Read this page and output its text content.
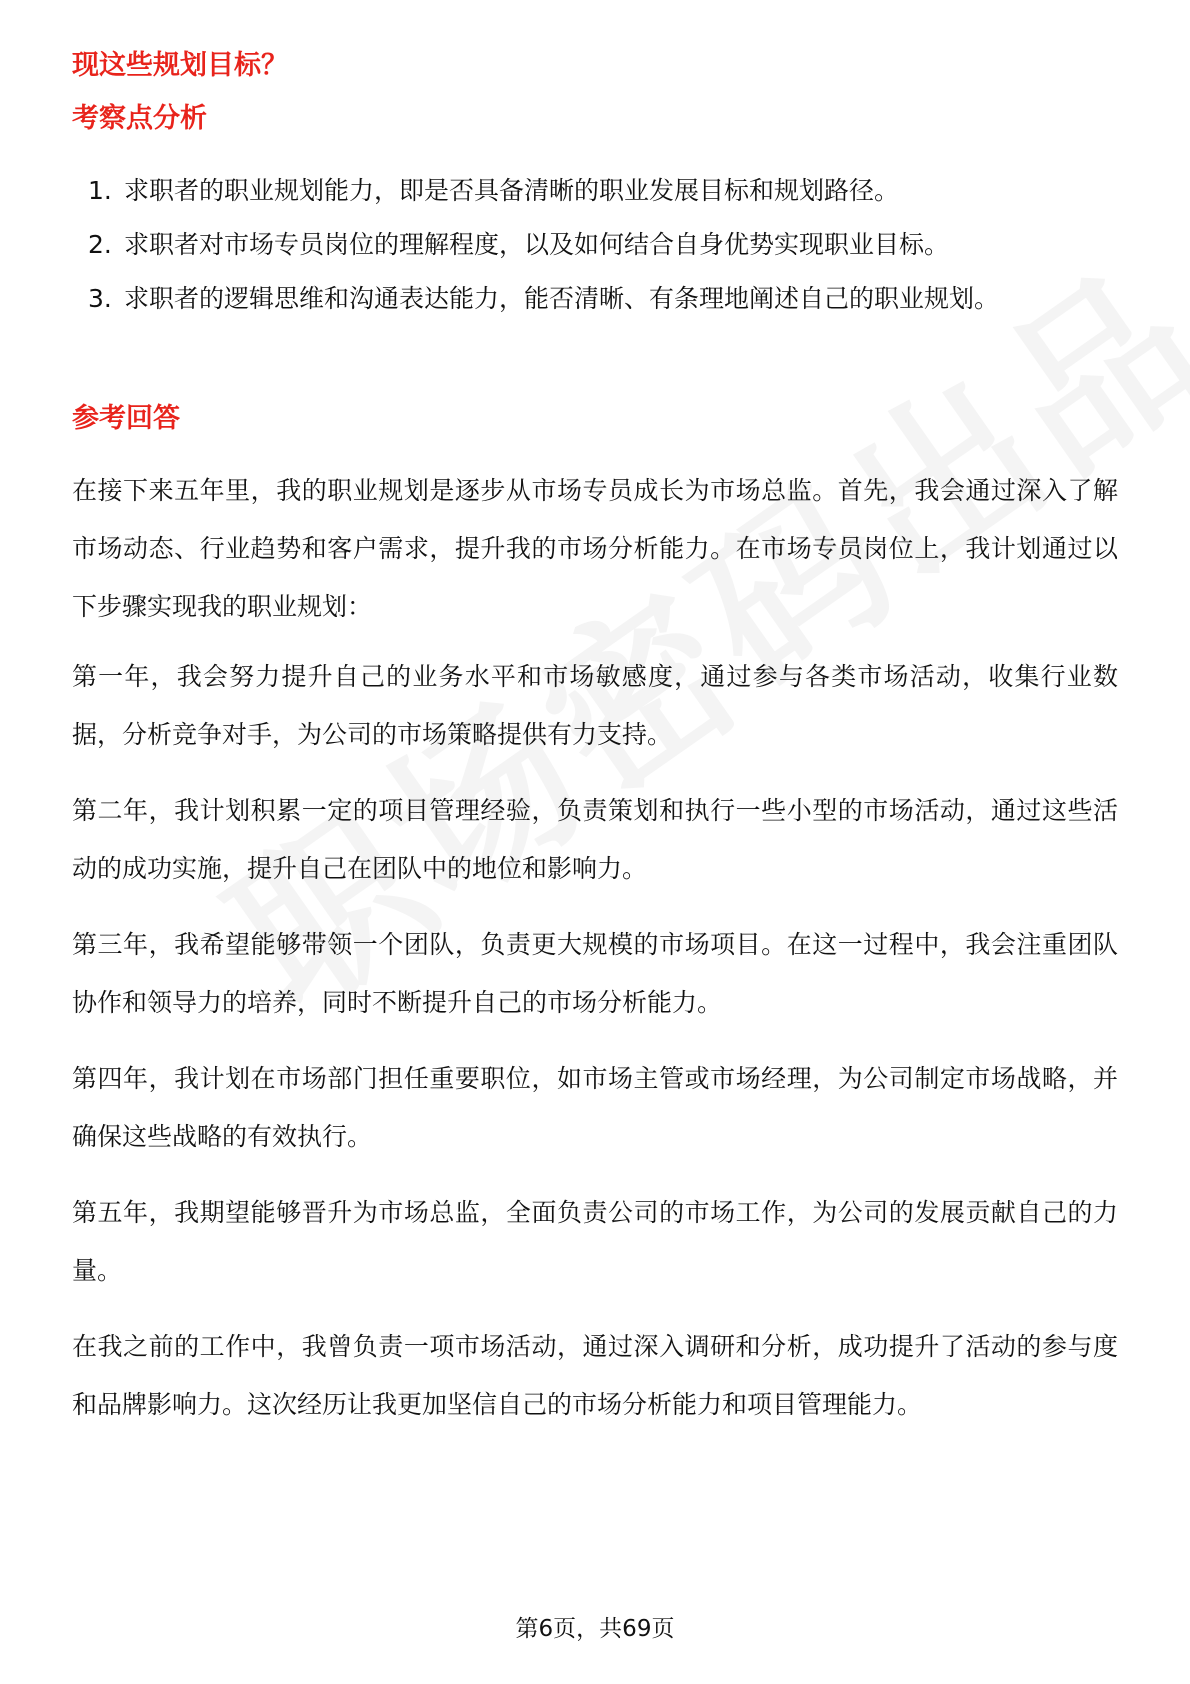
现这些规划目标？
考察点分析
1. 求职者的职业规划能力，即是否具备清晰的职业发展目标和规划路径。
2. 求职者对市场专员岗位的理解程度，以及如何结合自身优势实现职业目标。
3. 求职者的逻辑思维和沟通表达能力，能否清晰、有条理地阐述自己的职业规划。
参考回答
在接下来五年里，我的职业规划是逐步从市场专员成长为市场总监。首先，我会通过深入了解市场动态、行业趋势和客户需求，提升我的市场分析能力。在市场专员岗位上，我计划通过以下步骤实现我的职业规划：
第一年，我会努力提升自己的业务水平和市场敏感度，通过参与各类市场活动，收集行业数据，分析竞争对手，为公司的市场策略提供有力支持。
第二年，我计划积累一定的项目管理经验，负责策划和执行一些小型的市场活动，通过这些活动的成功实施，提升自己在团队中的地位和影响力。
第三年，我希望能够带领一个团队，负责更大规模的市场项目。在这一过程中，我会注重团队协作和领导力的培养，同时不断提升自己的市场分析能力。
第四年，我计划在市场部门担任重要职位，如市场主管或市场经理，为公司制定市场战略，并确保这些战略的有效执行。
第五年，我期望能够晋升为市场总监，全面负责公司的市场工作，为公司的发展贡献自己的力量。
在我之前的工作中，我曾负责一项市场活动，通过深入调研和分析，成功提升了活动的参与度和品牌影响力。这次经历让我更加坚信自己的市场分析能力和项目管理能力。
第6页，共69页
